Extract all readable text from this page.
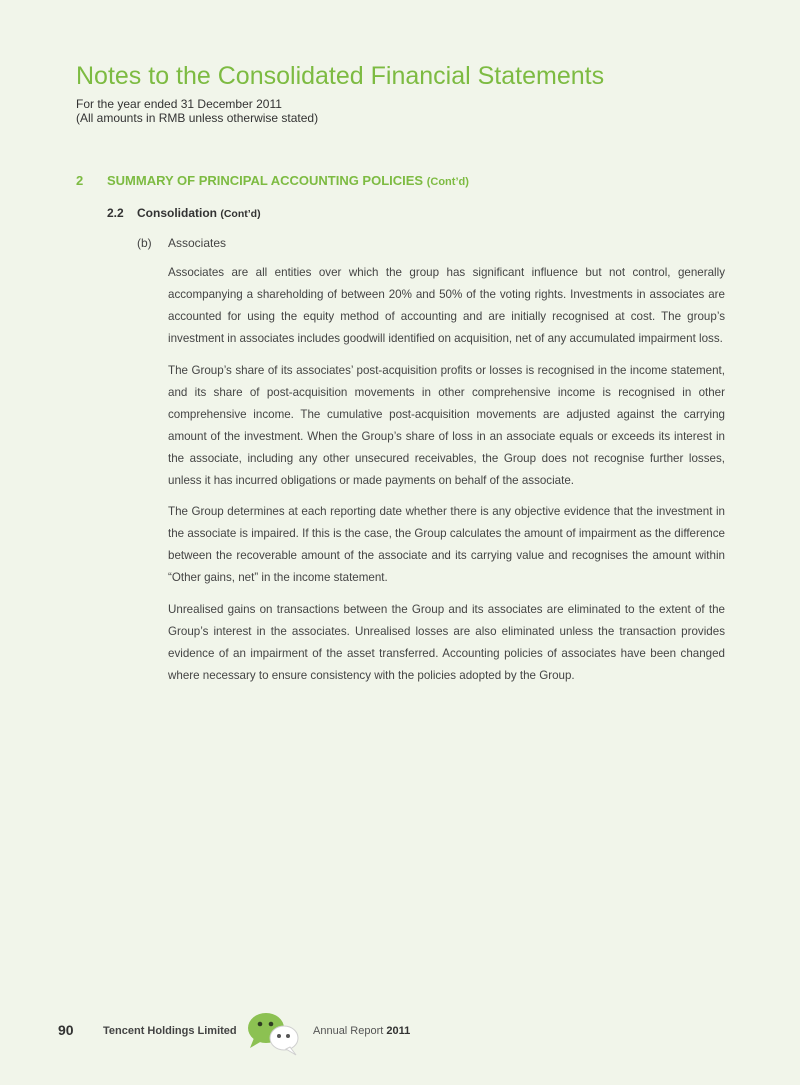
Notes to the Consolidated Financial Statements
For the year ended 31 December 2011
(All amounts in RMB unless otherwise stated)
2 SUMMARY OF PRINCIPAL ACCOUNTING POLICIES (Cont’d)
2.2 Consolidation (Cont’d)
(b) Associates

Associates are all entities over which the group has significant influence but not control, generally accompanying a shareholding of between 20% and 50% of the voting rights. Investments in associates are accounted for using the equity method of accounting and are initially recognised at cost. The group’s investment in associates includes goodwill identified on acquisition, net of any accumulated impairment loss.

The Group’s share of its associates’ post-acquisition profits or losses is recognised in the income statement, and its share of post-acquisition movements in other comprehensive income is recognised in other comprehensive income. The cumulative post-acquisition movements are adjusted against the carrying amount of the investment. When the Group’s share of loss in an associate equals or exceeds its interest in the associate, including any other unsecured receivables, the Group does not recognise further losses, unless it has incurred obligations or made payments on behalf of the associate.

The Group determines at each reporting date whether there is any objective evidence that the investment in the associate is impaired. If this is the case, the Group calculates the amount of impairment as the difference between the recoverable amount of the associate and its carrying value and recognises the amount within “Other gains, net” in the income statement.

Unrealised gains on transactions between the Group and its associates are eliminated to the extent of the Group’s interest in the associates. Unrealised losses are also eliminated unless the transaction provides evidence of an impairment of the asset transferred. Accounting policies of associates have been changed where necessary to ensure consistency with the policies adopted by the Group.

90	Tencent Holdings Limited	Annual Report 2011
